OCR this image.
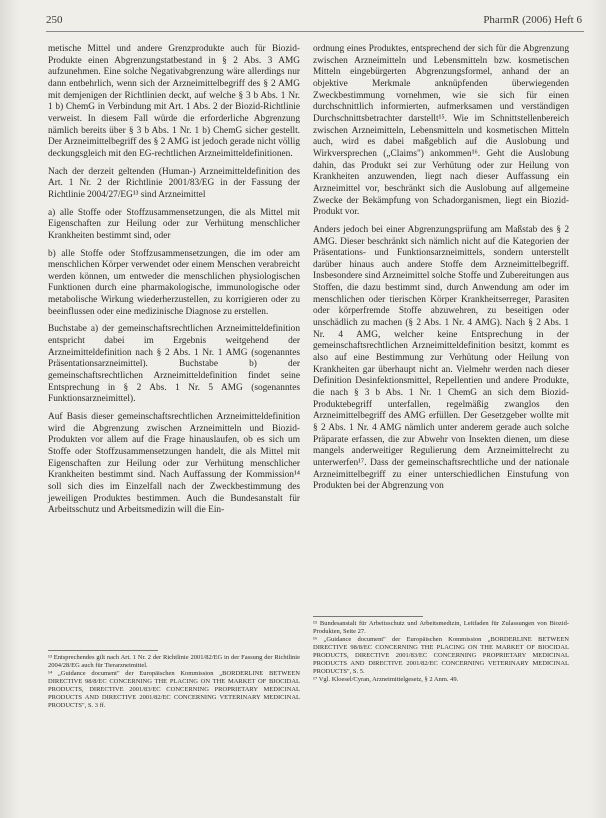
250	PharmR (2006) Heft 6

metische Mittel und andere Grenzprodukte auch für Biozid-Produkte einen Abgrenzungstatbestand in § 2 Abs. 3 AMG aufzunehmen. Eine solche Negativabgrenzung wäre allerdings nur dann entbehrlich, wenn sich der Arzneimittelbegriff des § 2 AMG mit demjenigen der Richtlinien deckt, auf welche § 3 b Abs. 1 Nr. 1 b) ChemG in Verbindung mit Art. 1 Abs. 2 der Biozid-Richtlinie verweist. In diesem Fall würde die erforderliche Abgrenzung nämlich bereits über § 3 b Abs. 1 Nr. 1 b) ChemG sicher gestellt. Der Arzneimittelbegriff des § 2 AMG ist jedoch gerade nicht völlig deckungsgleich mit den EG-rechtlichen Arzneimitteldefinitionen.

Nach der derzeit geltenden (Human-) Arzneimitteldefinition des Art. 1 Nr. 2 der Richtlinie 2001/83/EG in der Fassung der Richtlinie 2004/27/EG¹³ sind Arzneimittel

a) alle Stoffe oder Stoffzusammensetzungen, die als Mittel mit Eigenschaften zur Heilung oder zur Verhütung menschlicher Krankheiten bestimmt sind, oder

b) alle Stoffe oder Stoffzusammensetzungen, die im oder am menschlichen Körper verwendet oder einem Menschen verabreicht werden können, um entweder die menschlichen physiologischen Funktionen durch eine pharmakologische, immunologische oder metabolische Wirkung wiederherzustellen, zu korrigieren oder zu beeinflussen oder eine medizinische Diagnose zu erstellen.

Buchstabe a) der gemeinschaftsrechtlichen Arzneimitteldefinition entspricht dabei im Ergebnis weitgehend der Arzneimitteldefinition nach § 2 Abs. 1 Nr. 1 AMG (sogenanntes Präsentationsarzneimittel). Buchstabe b) der gemeinschaftsrechtlichen Arzneimitteldefinition findet seine Entsprechung in § 2 Abs. 1 Nr. 5 AMG (sogenanntes Funktionsarzneimittel).

Auf Basis dieser gemeinschaftsrechtlichen Arzneimitteldefinition wird die Abgrenzung zwischen Arzneimitteln und Biozid-Produkten vor allem auf die Frage hinauslaufen, ob es sich um Stoffe oder Stoffzusammensetzungen handelt, die als Mittel mit Eigenschaften zur Heilung oder zur Verhütung menschlicher Krankheiten bestimmt sind. Nach Auffassung der Kommission¹⁴ soll sich dies im Einzelfall nach der Zweckbestimmung des jeweiligen Produktes bestimmen. Auch die Bundesanstalt für Arbeitsschutz und Arbeitsmedizin will die Ein-

¹³ Entsprechendes gilt nach Art. 1 Nr. 2 der Richtlinie 2001/82/EG in der Fassung der Richtlinie 2004/28/EG auch für Tierarzneimittel.

¹⁴ „Guidance document" der Europäischen Kommission „BORDERLINE BETWEEN DIRECTIVE 98/8/EC CONCERNING THE PLACING ON THE MARKET OF BIOCIDAL PRODUCTS, DIRECTIVE 2001/83/EC CONCERNING PROPRIETARY MEDICINAL PRODUCTS AND DIRECTIVE 2001/82/EC CONCERNING VETERINARY MEDICINAL PRODUCTS", S. 3 ff.

ordnung eines Produktes, entsprechend der sich für die Abgrenzung zwischen Arzneimitteln und Lebensmitteln bzw. kosmetischen Mitteln eingebürgerten Abgrenzungsformel, anhand der an objektive Merkmale anknüpfenden überwiegenden Zweckbestimmung vornehmen, wie sie sich für einen durchschnittlich informierten, aufmerksamen und verständigen Durchschnittsbetrachter darstellt¹⁵. Wie im Schnittstellenbereich zwischen Arzneimitteln, Lebensmitteln und kosmetischen Mitteln auch, wird es dabei maßgeblich auf die Auslobung und Wirkversprechen („Claims") ankommen¹⁶. Geht die Auslobung dahin, das Produkt sei zur Verhütung oder zur Heilung von Krankheiten anzuwenden, liegt nach dieser Auffassung ein Arzneimittel vor, beschränkt sich die Auslobung auf allgemeine Zwecke der Bekämpfung von Schadorganismen, liegt ein Biozid-Produkt vor.

Anders jedoch bei einer Abgrenzungsprüfung am Maßstab des § 2 AMG. Dieser beschränkt sich nämlich nicht auf die Kategorien der Präsentations- und Funktionsarzneimittels, sondern unterstellt darüber hinaus auch andere Stoffe dem Arzneimittelbegriff. Insbesondere sind Arzneimittel solche Stoffe und Zubereitungen aus Stoffen, die dazu bestimmt sind, durch Anwendung am oder im menschlichen oder tierischen Körper Krankheitserreger, Parasiten oder körperfremde Stoffe abzuwehren, zu beseitigen oder unschädlich zu machen (§ 2 Abs. 1 Nr. 4 AMG). Nach § 2 Abs. 1 Nr. 4 AMG, welcher keine Entsprechung in der gemeinschaftsrechtlichen Arzneimitteldefinition besitzt, kommt es also auf eine Bestimmung zur Verhütung oder Heilung von Krankheiten gar überhaupt nicht an. Vielmehr werden nach dieser Definition Desinfektionsmittel, Repellentien und andere Produkte, die nach § 3 b Abs. 1 Nr. 1 ChemG an sich dem Biozid-Produktebegriff unterfallen, regelmäßig zwanglos den Arzneimittelbegriff des AMG erfüllen. Der Gesetzgeber wollte mit § 2 Abs. 1 Nr. 4 AMG nämlich unter anderem gerade auch solche Präparate erfassen, die zur Abwehr von Insekten dienen, um diese mangels anderweitiger Regulierung dem Arzneimittelrecht zu unterwerfen¹⁷. Dass der gemeinschaftsrechtliche und der nationale Arzneimittelbegriff zu einer unterschiedlichen Einstufung von Produkten bei der Abgrenzung von

¹⁵ Bundesanstalt für Arbeitsschutz und Arbeitsmedizin, Leitfaden für Zulassungen von Biozid-Produkten, Seite 27.

¹⁶ „Guidance document" der Europäischen Kommission „BORDERLINE BETWEEN DIRECTIVE 98/8/EC CONCERNING THE PLACING ON THE MARKET OF BIOCIDAL PRODUCTS, DIRECTIVE 2001/83/EC CONCERNING PROPRIETARY MEDICINAL PRODUCTS AND DIRECTIVE 2001/82/EC CONCERNING VETERINARY MEDICINAL PRODUCTS", S. 5.

¹⁷ Vgl. Kloesel/Cyran, Arzneimittelgesetz, § 2 Anm. 49.
